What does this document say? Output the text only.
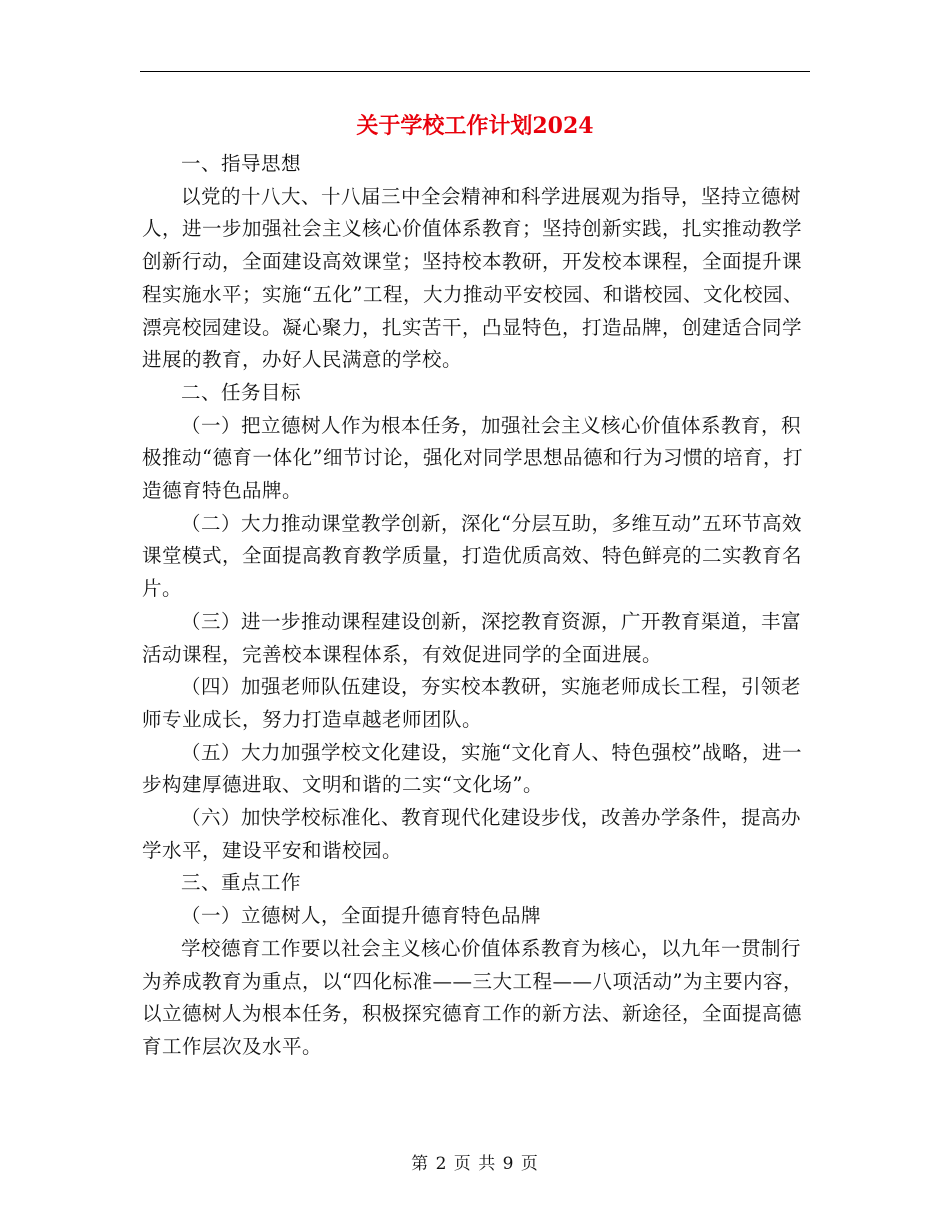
关于学校工作计划2024

一、指导思想

以党的十八大、十八届三中全会精神和科学进展观为指导，坚持立德树人，进一步加强社会主义核心价值体系教育；坚持创新实践，扎实推动教学创新行动，全面建设高效课堂；坚持校本教研，开发校本课程，全面提升课程实施水平；实施“五化”工程，大力推动平安校园、和谐校园、文化校园、漂亮校园建设。凝心聚力，扎实苦干，凸显特色，打造品牌，创建适合同学进展的教育，办好人民满意的学校。

二、任务目标

（一）把立德树人作为根本任务，加强社会主义核心价值体系教育，积极推动“德育一体化”细节讨论，强化对同学思想品德和行为习惯的培育，打造德育特色品牌。

（二）大力推动课堂教学创新，深化“分层互助，多维互动”五环节高效课堂模式，全面提高教育教学质量，打造优质高效、特色鲜亮的二实教育名片。

（三）进一步推动课程建设创新，深挖教育资源，广开教育渠道，丰富活动课程，完善校本课程体系，有效促进同学的全面进展。

（四）加强老师队伍建设，夯实校本教研，实施老师成长工程，引领老师专业成长，努力打造卓越老师团队。

（五）大力加强学校文化建设，实施“文化育人、特色强校”战略，进一步构建厚德进取、文明和谐的二实“文化场”。

（六）加快学校标准化、教育现代化建设步伐，改善办学条件，提高办学水平，建设平安和谐校园。

三、重点工作

（一）立德树人，全面提升德育特色品牌

学校德育工作要以社会主义核心价值体系教育为核心，以九年一贯制行为养成教育为重点，以“四化标准——三大工程——八项活动”为主要内容，以立德树人为根本任务，积极探究德育工作的新方法、新途径，全面提高德育工作层次及水平。

第 2 页 共 9 页
